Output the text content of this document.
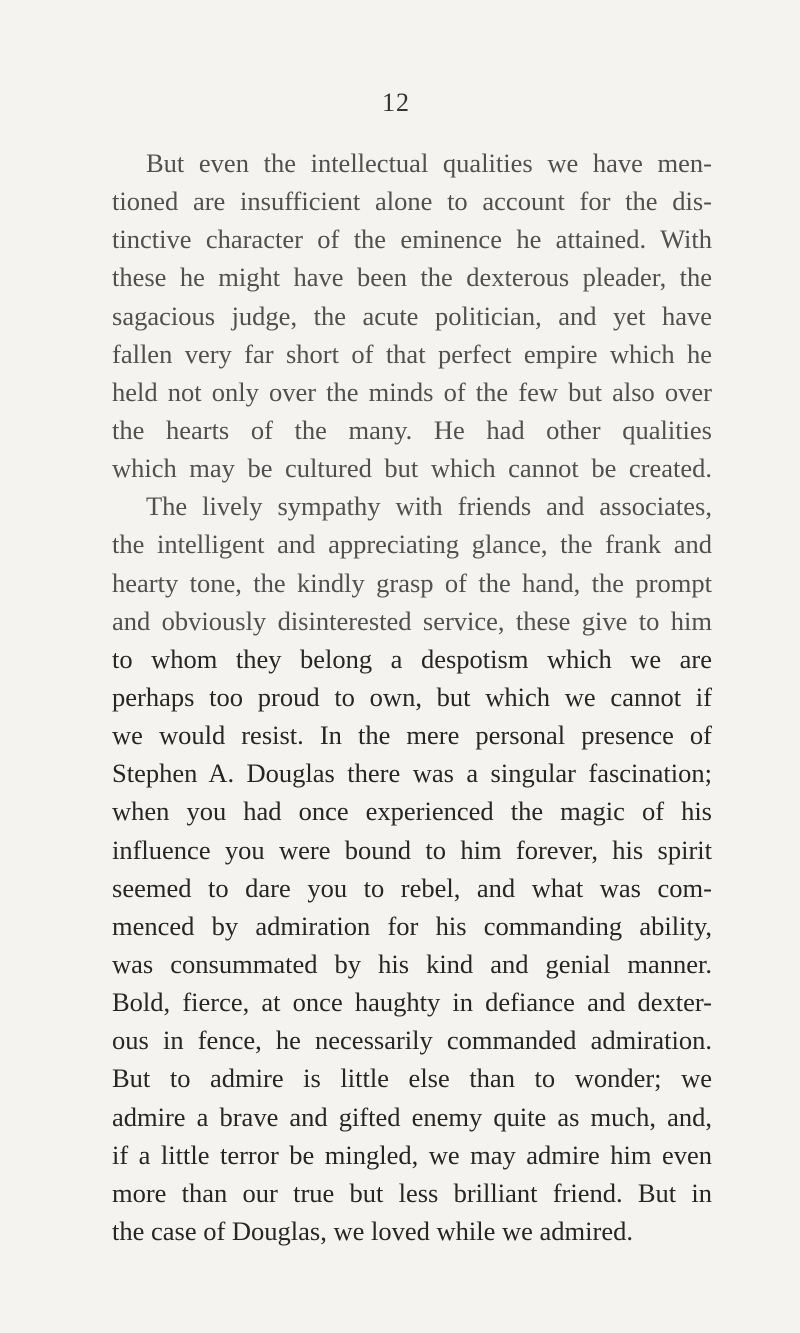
12
But even the intellectual qualities we have men-
tioned are insufficient alone to account for the dis-
tinctive character of the eminence he attained. With
these he might have been the dexterous pleader, the
sagacious judge, the acute politician, and yet have
fallen very far short of that perfect empire which he
held not only over the minds of the few but also over
the hearts of the many. He had other qualities
which may be cultured but which cannot be created.
The lively sympathy with friends and associates,
the intelligent and appreciating glance, the frank and
hearty tone, the kindly grasp of the hand, the prompt
and obviously disinterested service, these give to him
to whom they belong a despotism which we are
perhaps too proud to own, but which we cannot if
we would resist. In the mere personal presence of
Stephen A. Douglas there was a singular fascination;
when you had once experienced the magic of his
influence you were bound to him forever, his spirit
seemed to dare you to rebel, and what was com-
menced by admiration for his commanding ability,
was consummated by his kind and genial manner.
Bold, fierce, at once haughty in defiance and dexter-
ous in fence, he necessarily commanded admiration.
But to admire is little else than to wonder; we
admire a brave and gifted enemy quite as much, and,
if a little terror be mingled, we may admire him even
more than our true but less brilliant friend. But in
the case of Douglas, we loved while we admired.
